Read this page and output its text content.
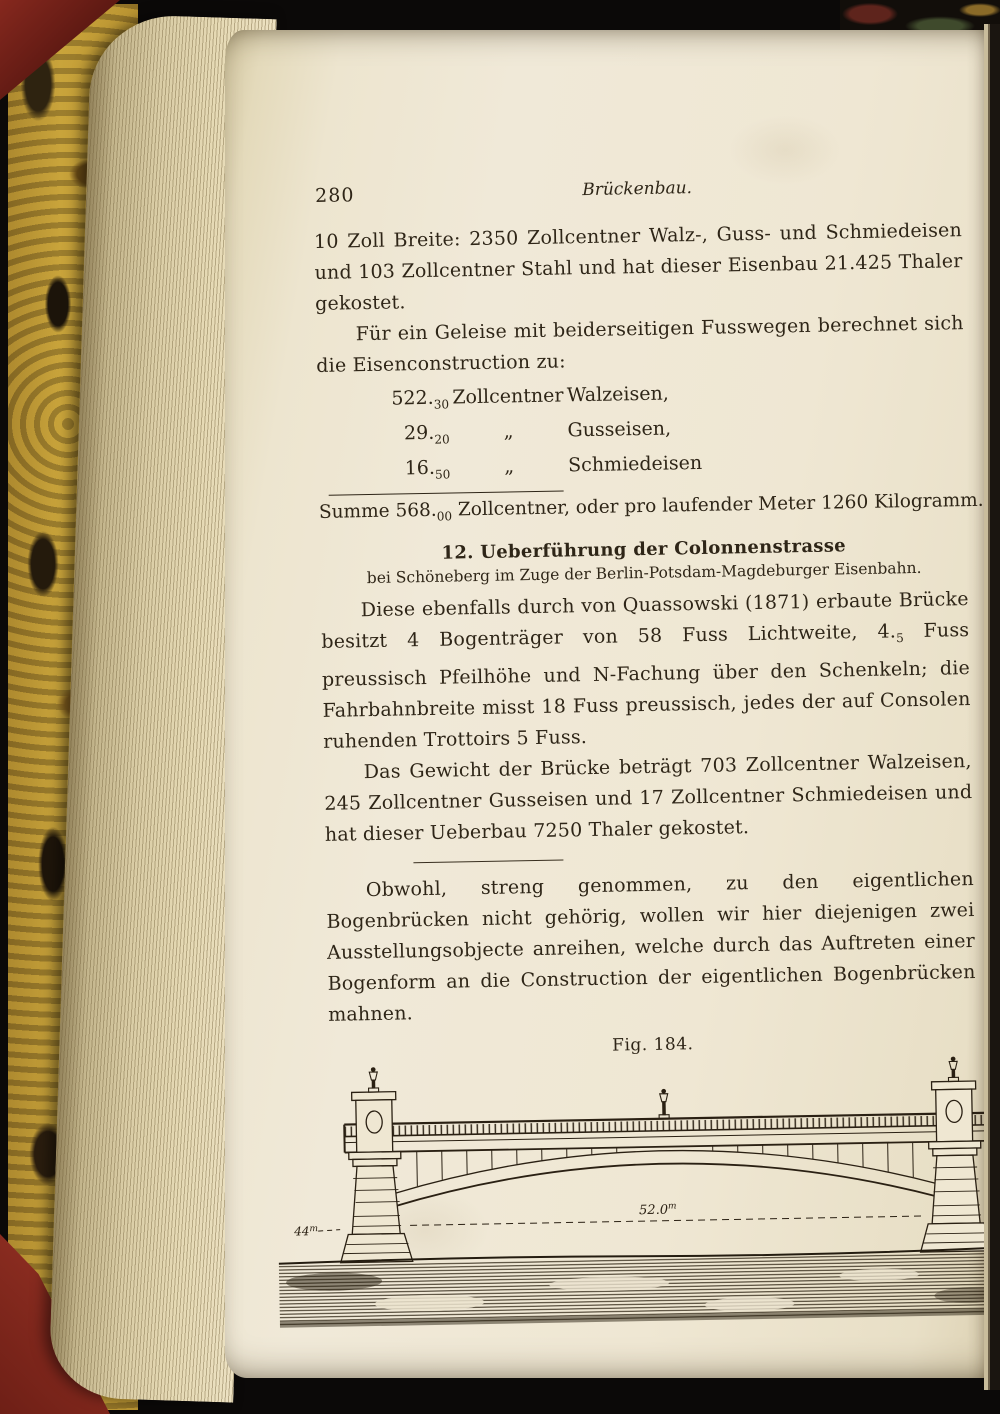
280	Brückenbau.

10 Zoll Breite: 2350 Zollcentner Walz-, Guss- und Schmiedeisen und 103 Zollcentner Stahl und hat dieser Eisenbau 21.425 Thaler gekostet.

Für ein Geleise mit beiderseitigen Fusswegen berechnet sich die Eisenconstruction zu:

$522._{30}$ Zollcentner Walzeisen,
$29._{20}$	„	Gusseisen,
$16._{50}$	„	Schmiedeisen
Summe $568._{00}$ Zollcentner, oder pro laufender Meter 1260 Kilogramm.
12. Ueberführung der Colonnenstrasse
bei Schöneberg im Zuge der Berlin-Potsdam-Magdeburger Eisenbahn.

Diese ebenfalls durch von Quassowski (1871) erbaute Brücke besitzt 4 Bogenträger von 58 Fuss Lichtweite, $4._5$ Fuss preussisch Pfeilhöhe und N-Fachung über den Schenkeln; die Fahrbahnbreite misst 18 Fuss preussisch, jedes der auf Consolen ruhenden Trottoirs 5 Fuss.

Das Gewicht der Brücke beträgt 703 Zollcentner Walzeisen, 245 Zollcentner Gusseisen und 17 Zollcentner Schmiedeisen und hat dieser Ueberbau 7250 Thaler gekostet.

Obwohl, streng genommen, zu den eigentlichen Bogenbrücken nicht gehörig, wollen wir hier diejenigen zwei Ausstellungsobjecte anreihen, welche durch das Auftreten einer Bogenform an die Construction der eigentlichen Bogenbrücken mahnen.

Fig. 184.
52.0$^m$
44$^m$
